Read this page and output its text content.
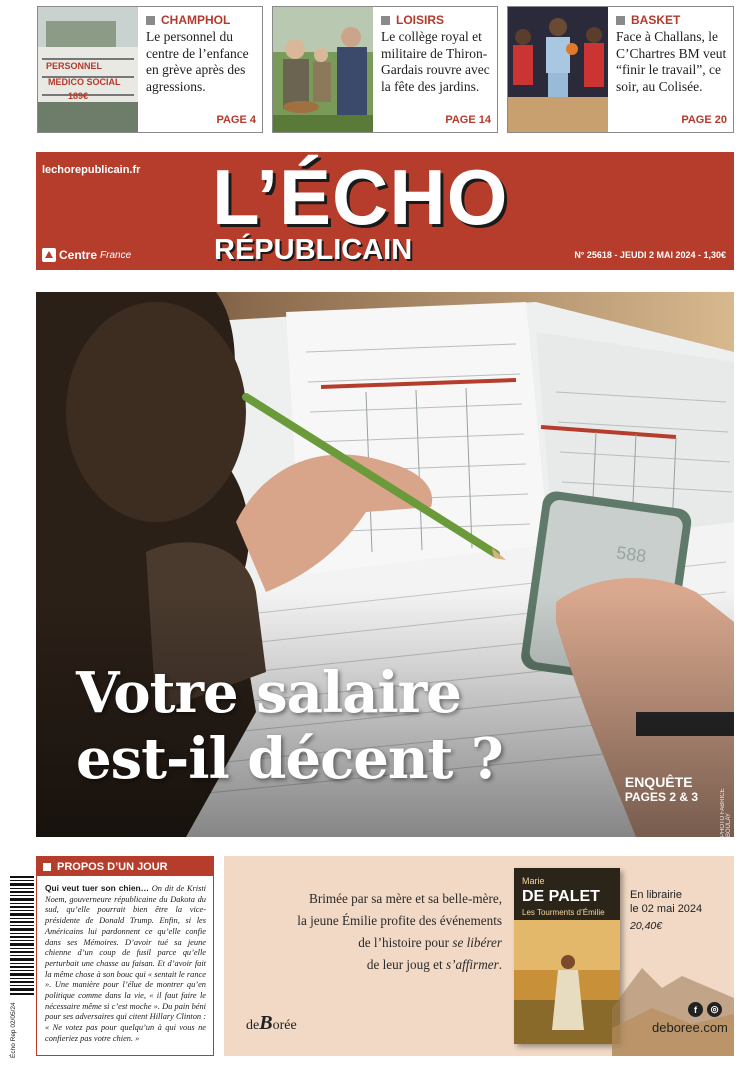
PERSONNEL
MEDICO SOCIAL
189€
CHAMPHOL
Le personnel du centre de l’enfance en grève après des agressions.
PAGE 4
LOISIRS
Le collège royal et militaire de Thiron-Gardais rouvre avec la fête des jardins.
PAGE 14
BASKET
Face à Challans, le C’Chartres BM veut “finir le travail”, ce soir, au Colisée.
PAGE 20
lechorepublicain.fr L’ÉCHO
RÉPUBLICAIN
Centre France	N° 25618 - JEUDI 2 MAI 2024 - 1,30€
Votre salaire
est-il décent ?	ENQUÊTE
PAGES 2 & 3	PHOTO FABRICE BOULAY
Écho Rep 02/05/24
PROPOS D’UN JOUR
Qui veut tuer son chien… On dit de Kristi Noem, gouverneure républicaine du Dakota du sud, qu’elle pourrait bien être la vice-présidente de Donald Trump. Enfin, si les Américains lui pardonnent ce qu’elle confie dans ses Mémoires. D’avoir tué sa jeune chienne d’un coup de fusil parce qu’elle perturbait une chasse au faisan. Et d’avoir fait la même chose à son bouc qui « sentait le rance ». Une manière pour l’élue de montrer qu’en politique comme dans la vie, « il faut faire le nécessaire même si c’est moche ». Du pain béni pour ses adversaires qui citent Hillary Clinton : « Ne votez pas pour quelqu’un à qui vous ne confieriez pas votre chien. »
Brimée par sa mère et sa belle-mère,
la jeune Émilie profite des événements
de l’histoire pour se libérer
de leur joug et s’affirmer.
deBorée
Marie
DE PALET
Les Tourments d’Émilie
En librairie
le 02 mai 2024
20,40€
f	◎
deboree.com
